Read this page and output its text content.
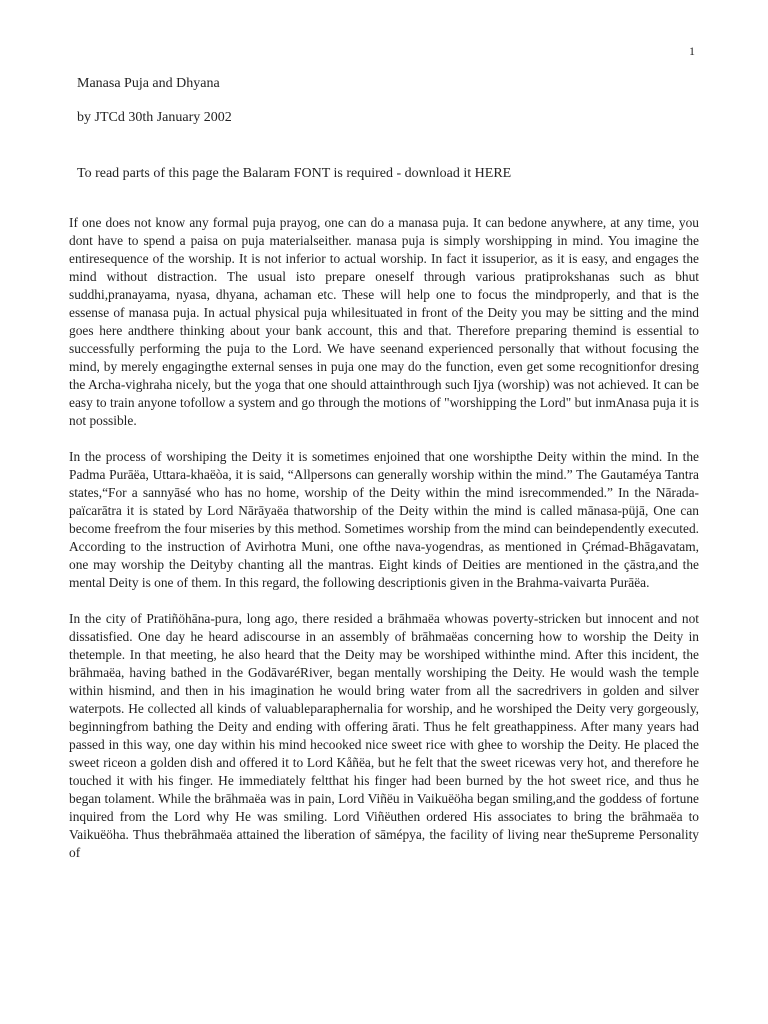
1
Manasa Puja and Dhyana
by JTCd 30th January 2002
To read parts of this page the Balaram FONT is required - download it HERE

If one does not know any formal puja prayog, one can do a manasa puja. It can bedone anywhere, at any time, you dont have to spend a paisa on puja materialseither. manasa puja is simply worshipping in mind. You imagine the entiresequence of the worship. It is not inferior to actual worship. In fact it issuperior, as it is easy, and engages the mind without distraction. The usual isto prepare oneself through various pratiprokshanas such as bhut suddhi,pranayama, nyasa, dhyana, achaman etc. These will help one to focus the mindproperly, and that is the essense of manasa puja. In actual physical puja whilesituated in front of the Deity you may be sitting and the mind goes here andthere thinking about your bank account, this and that. Therefore preparing themind is essential to successfully performing the puja to the Lord. We have seenand experienced personally that without focusing the mind, by merely engagingthe external senses in puja one may do the function, even get some recognitionfor dresing the Archa-vighraha nicely, but the yoga that one should attainthrough such Ijya (worship) was not achieved. It can be easy to train anyone tofollow a system and go through the motions of "worshipping the Lord" but inmAnasa puja it is not possible.

In the process of worshiping the Deity it is sometimes enjoined that one worshipthe Deity within the mind. In the Padma Purāëa, Uttara-khaëòa, it is said, “Allpersons can generally worship within the mind.” The Gautaméya Tantra states,“For a sannyāsé who has no home, worship of the Deity within the mind isrecommended.” In the Nārada-païcarātra it is stated by Lord Nārāyaëa thatworship of the Deity within the mind is called mānasa-püjā, One can become freefrom the four miseries by this method. Sometimes worship from the mind can beindependently executed. According to the instruction of Avirhotra Muni, one ofthe nava-yogendras, as mentioned in Çrémad-Bhāgavatam, one may worship the Deityby chanting all the mantras. Eight kinds of Deities are mentioned in the çāstra,and the mental Deity is one of them. In this regard, the following descriptionis given in the Brahma-vaivarta Purāëa.

In the city of Pratiñöhāna-pura, long ago, there resided a brāhmaëa whowas poverty-stricken but innocent and not dissatisfied. One day he heard adiscourse in an assembly of brāhmaëas concerning how to worship the Deity in thetemple. In that meeting, he also heard that the Deity may be worshiped withinthe mind. After this incident, the brāhmaëa, having bathed in the GodāvaréRiver, began mentally worshiping the Deity. He would wash the temple within hismind, and then in his imagination he would bring water from all the sacredrivers in golden and silver waterpots. He collected all kinds of valuableparaphernalia for worship, and he worshiped the Deity very gorgeously, beginningfrom bathing the Deity and ending with offering ārati. Thus he felt greathappiness. After many years had passed in this way, one day within his mind hecooked nice sweet rice with ghee to worship the Deity. He placed the sweet riceon a golden dish and offered it to Lord Kåñëa, but he felt that the sweet ricewas very hot, and therefore he touched it with his finger. He immediately feltthat his finger had been burned by the hot sweet rice, and thus he began tolament. While the brāhmaëa was in pain, Lord Viñëu in Vaikuëöha began smiling,and the goddess of fortune inquired from the Lord why He was smiling. Lord Viñëuthen ordered His associates to bring the brāhmaëa to Vaikuëöha. Thus thebrāhmaëa attained the liberation of sāmépya, the facility of living near theSupreme Personality of
